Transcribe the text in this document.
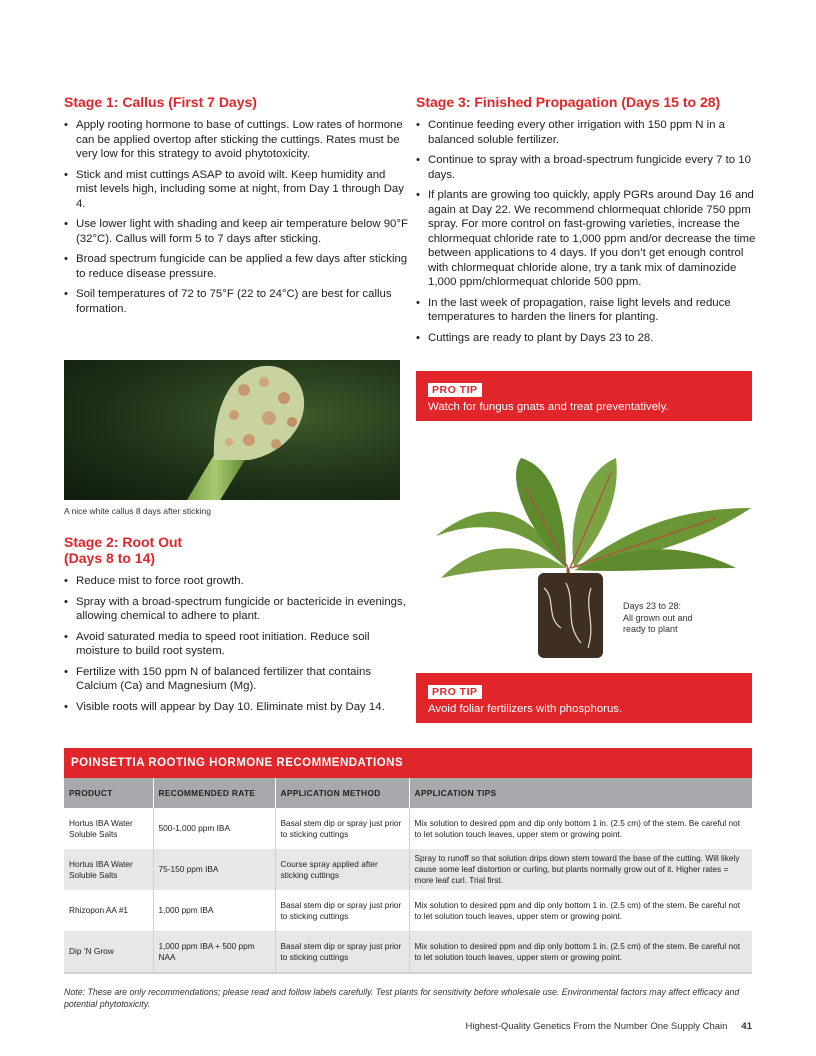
Stage 1: Callus (First 7 Days)
• Apply rooting hormone to base of cuttings. Low rates of hormone can be applied overtop after sticking the cuttings. Rates must be very low for this strategy to avoid phytotoxicity.
• Stick and mist cuttings ASAP to avoid wilt. Keep humidity and mist levels high, including some at night, from Day 1 through Day 4.
• Use lower light with shading and keep air temperature below 90°F (32°C). Callus will form 5 to 7 days after sticking.
• Broad spectrum fungicide can be applied a few days after sticking to reduce disease pressure.
• Soil temperatures of 72 to 75°F (22 to 24°C) are best for callus formation.
A nice white callus 8 days after sticking
Stage 2: Root Out
(Days 8 to 14)
• Reduce mist to force root growth.
• Spray with a broad-spectrum fungicide or bactericide in evenings, allowing chemical to adhere to plant.
• Avoid saturated media to speed root initiation. Reduce soil moisture to build root system.
• Fertilize with 150 ppm N of balanced fertilizer that contains Calcium (Ca) and Magnesium (Mg).
• Visible roots will appear by Day 10. Eliminate mist by Day 14.
Stage 3: Finished Propagation (Days 15 to 28)
• Continue feeding every other irrigation with 150 ppm N in a balanced soluble fertilizer.
• Continue to spray with a broad-spectrum fungicide every 7 to 10 days.
• If plants are growing too quickly, apply PGRs around Day 16 and again at Day 22. We recommend chlormequat chloride 750 ppm spray. For more control on fast-growing varieties, increase the chlormequat chloride rate to 1,000 ppm and/or decrease the time between applications to 4 days. If you don’t get enough control with chlormequat chloride alone, try a tank mix of daminozide 1,000 ppm/chlormequat chloride 500 ppm.
• In the last week of propagation, raise light levels and reduce temperatures to harden the liners for planting.
• Cuttings are ready to plant by Days 23 to 28.
PRO TIP
Watch for fungus gnats and treat preventatively.
Days 23 to 28:
All grown out and
ready to plant
PRO TIP
Avoid foliar fertilizers with phosphorus.
POINSETTIA ROOTING HORMONE RECOMMENDATIONS
PRODUCT	RECOMMENDED RATE	APPLICATION METHOD	APPLICATION TIPS
Hortus IBA Water Soluble Salts	500-1,000 ppm IBA	Basal stem dip or spray just prior to sticking cuttings	Mix solution to desired ppm and dip only bottom 1 in. (2.5 cm) of the stem. Be careful not to let solution touch leaves, upper stem or growing point.
Hortus IBA Water Soluble Salts	75-150 ppm IBA	Course spray applied after sticking cuttings	Spray to runoff so that solution drips down stem toward the base of the cutting. Will likely cause some leaf distortion or curling, but plants normally grow out of it. Higher rates = more leaf curl. Trial first.
Rhizopon AA #1	1,000 ppm IBA	Basal stem dip or spray just prior to sticking cuttings	Mix solution to desired ppm and dip only bottom 1 in. (2.5 cm) of the stem. Be careful not to let solution touch leaves, upper stem or growing point.
Dip ’N Grow	1,000 ppm IBA + 500 ppm NAA	Basal stem dip or spray just prior to sticking cuttings	Mix solution to desired ppm and dip only bottom 1 in. (2.5 cm) of the stem. Be careful not to let solution touch leaves, upper stem or growing point.
Note: These are only recommendations; please read and follow labels carefully. Test plants for sensitivity before wholesale use. Environmental factors may affect efficacy and potential phytotoxicity.
Highest-Quality Genetics From the Number One Supply Chain 41
